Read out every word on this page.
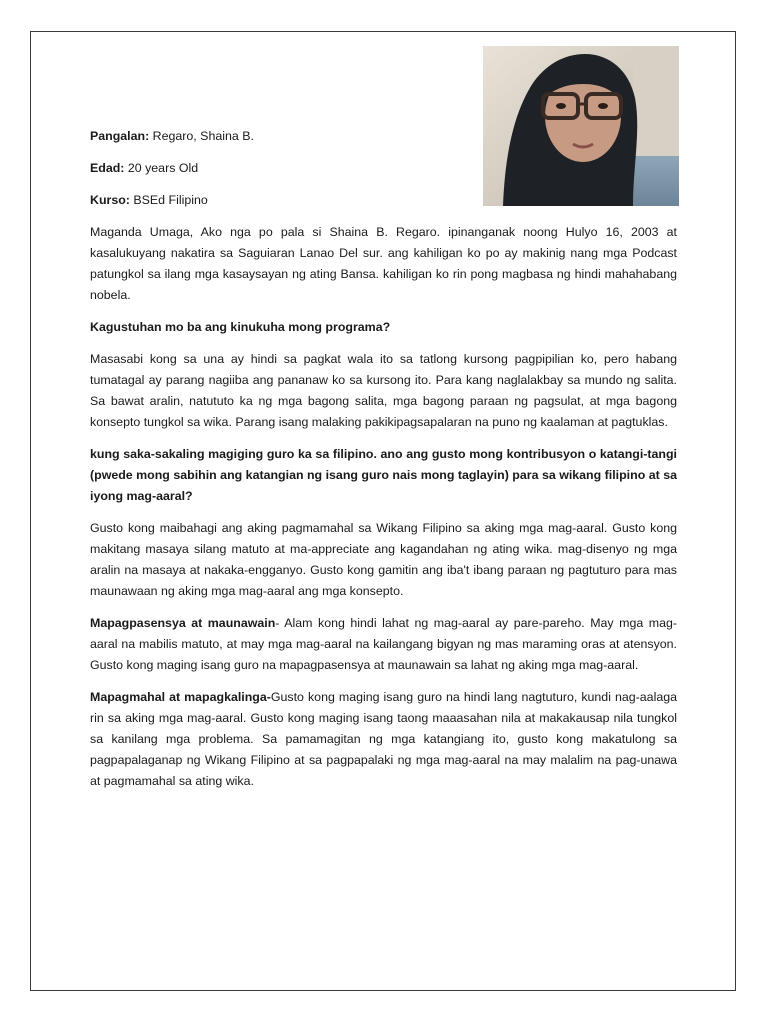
Pangalan: Regaro, Shaina B.
Edad: 20 years Old
Kurso: BSEd Filipino

Maganda Umaga, Ako nga po pala si Shaina B. Regaro. ipinanganak noong Hulyo 16, 2003 at kasalukuyang nakatira sa Saguiaran Lanao Del sur. ang kahiligan ko po ay makinig nang mga Podcast patungkol sa ilang mga kasaysayan ng ating Bansa. kahiligan ko rin pong magbasa ng hindi mahahabang nobela.

Kagustuhan mo ba ang kinukuha mong programa?

Masasabi kong sa una ay hindi sa pagkat wala ito sa tatlong kursong pagpipilian ko, pero habang tumatagal ay parang nagiiba ang pananaw ko sa kursong ito. Para kang naglalakbay sa mundo ng salita. Sa bawat aralin, natututo ka ng mga bagong salita, mga bagong paraan ng pagsulat, at mga bagong konsepto tungkol sa wika. Parang isang malaking pakikipagsapalaran na puno ng kaalaman at pagtuklas.

kung saka-sakaling magiging guro ka sa filipino. ano ang gusto mong kontribusyon o katangi-tangi (pwede mong sabihin ang katangian ng isang guro nais mong taglayin) para sa wikang filipino at sa iyong mag-aaral?

Gusto kong maibahagi ang aking pagmamahal sa Wikang Filipino sa aking mga mag-aaral. Gusto kong makitang masaya silang matuto at ma-appreciate ang kagandahan ng ating wika. mag-disenyo ng mga aralin na masaya at nakaka-engganyo. Gusto kong gamitin ang iba't ibang paraan ng pagtuturo para mas maunawaan ng aking mga mag-aaral ang mga konsepto.

Mapagpasensya at maunawain- Alam kong hindi lahat ng mag-aaral ay pare-pareho. May mga mag-aaral na mabilis matuto, at may mga mag-aaral na kailangang bigyan ng mas maraming oras at atensyon. Gusto kong maging isang guro na mapagpasensya at maunawain sa lahat ng aking mga mag-aaral.

Mapagmahal at mapagkalinga-Gusto kong maging isang guro na hindi lang nagtuturo, kundi nag-aalaga rin sa aking mga mag-aaral. Gusto kong maging isang taong maaasahan nila at makakausap nila tungkol sa kanilang mga problema. Sa pamamagitan ng mga katangiang ito, gusto kong makatulong sa pagpapalaganap ng Wikang Filipino at sa pagpapalaki ng mga mag-aaral na may malalim na pag-unawa at pagmamahal sa ating wika.
